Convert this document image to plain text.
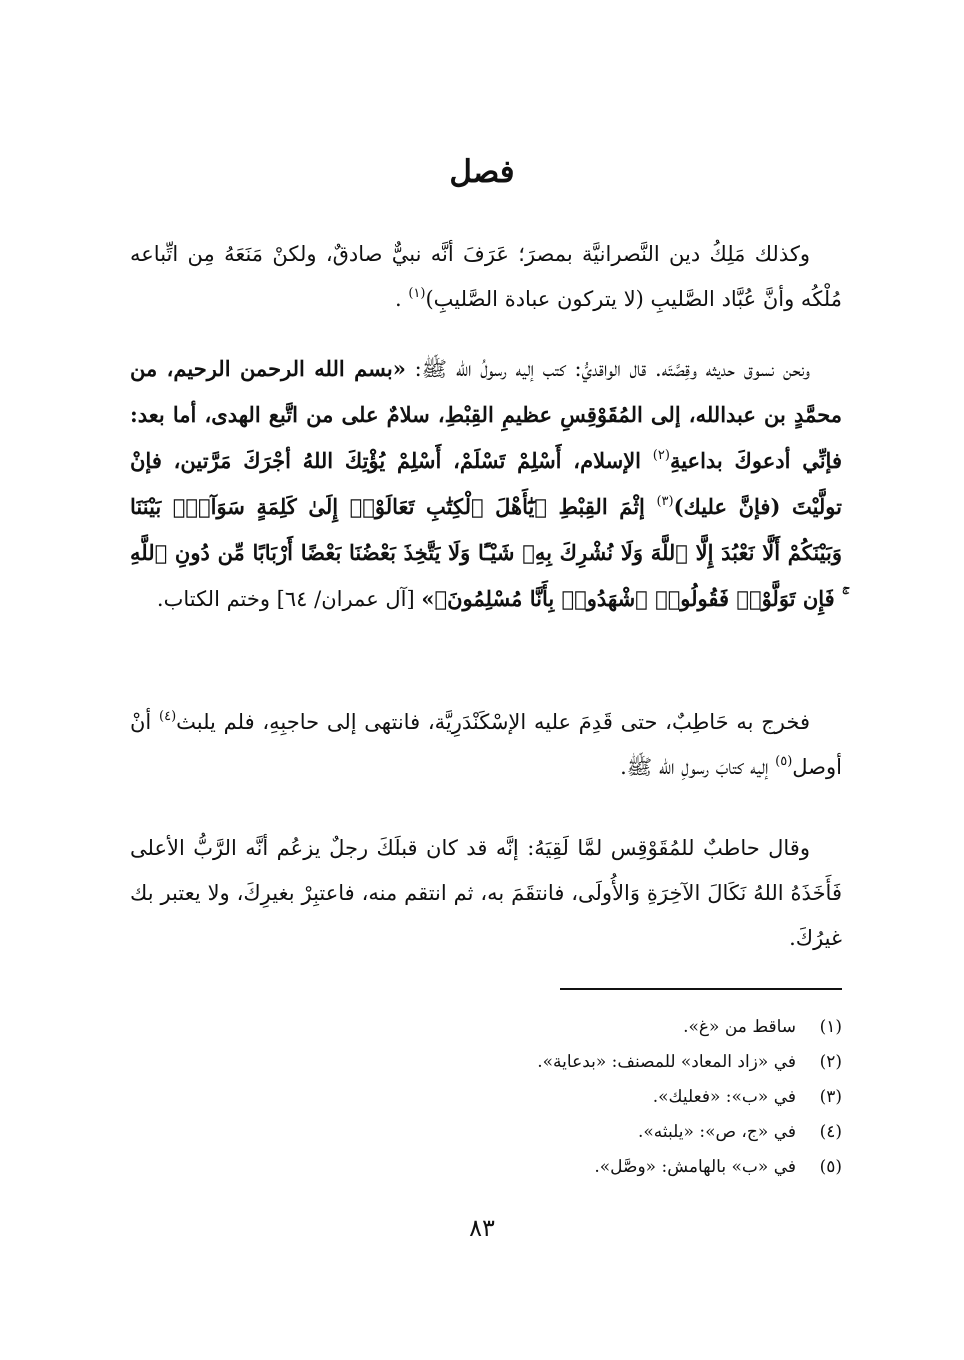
فصل

وكذلك مَلِكُ دين النَّصرانيَّة بمصرَ؛ عَرَفَ أنَّه نبيٌّ صادقٌ، ولكنْ مَنَعَهُ مِن اتِّباعه مُلْكُه وأنَّ عُبَّاد الصَّليبِ (لا يتركون عبادة الصَّليبِ)$^{(١)}$ .

ونحن نسوق حديثه وقِصَّتَه. قال الواقديُّ: كتب إليه رسولُ الله ﷺ: «بسم الله الرحمن الرحيم، من محمَّدٍ بن عبدالله، إلى المُقَوْقِسِ عظيمِ القِبْطِ، سلامٌ على من اتَّبع الهدى، أما بعد: فإنِّي أدعوكَ بداعيةِ$^{(٢)}$ الإسلام، أَسْلِمْ تَسْلَمْ، أَسْلِمْ يُؤْتِكَ اللهُ أجْرَكَ مَرَّتين، فإنْ تولَّيْتَ (فإنَّ عليك)$^{(٣)}$ إثْمَ القِبْطِ ﴿يَٰٓأَهْلَ ٱلْكِتَٰبِ تَعَالَوْا۟ إِلَىٰ كَلِمَةٍ سَوَآءٍۭ بَيْنَنَا وَبَيْنَكُمْ أَلَّا نَعْبُدَ إِلَّا ٱللَّهَ وَلَا نُشْرِكَ بِهِۦ شَيْـًٔا وَلَا يَتَّخِذَ بَعْضُنَا بَعْضًا أَرْبَابًا مِّن دُونِ ٱللَّهِ ۚ فَإِن تَوَلَّوْا۟ فَقُولُوا۟ ٱشْهَدُوا۟ بِأَنَّا مُسْلِمُونَ﴾» [آل عمران/ ٦٤] وختم الكتاب.

فخرج به حَاطِبٌ، حتى قَدِمَ عليه الإسْكَنْدَرِيَّة، فانتهى إلى حاجبِهِ، فلم يلبث$^{(٤)}$ أنْ أوصل$^{(٥)}$ إليه كتابَ رسولِ الله ﷺ.

وقال حاطبٌ للمُقَوْقِس لمَّا لَقِيَهُ: إنَّه قد كان قبلَكَ رجلٌ يزعُم أنَّه الرَّبُّ الأعلى فَأَخَذَهُ اللهُ نَكَالَ الآخِرَةِ وَالأُولَى، فانتقَمَ به، ثم انتقم منه، فاعتبِرْ بغيرِكَ، ولا يعتبر بك غيرُكَ.

(١)ساقط من «غ».
(٢)في «زاد المعاد» للمصنف: «بدعاية».
(٣)في «ب»: «فعليك».
(٤)في «ج، ص»: «يلبثه».
(٥)في «ب» بالهامش: «وصَّل».
٨٣
